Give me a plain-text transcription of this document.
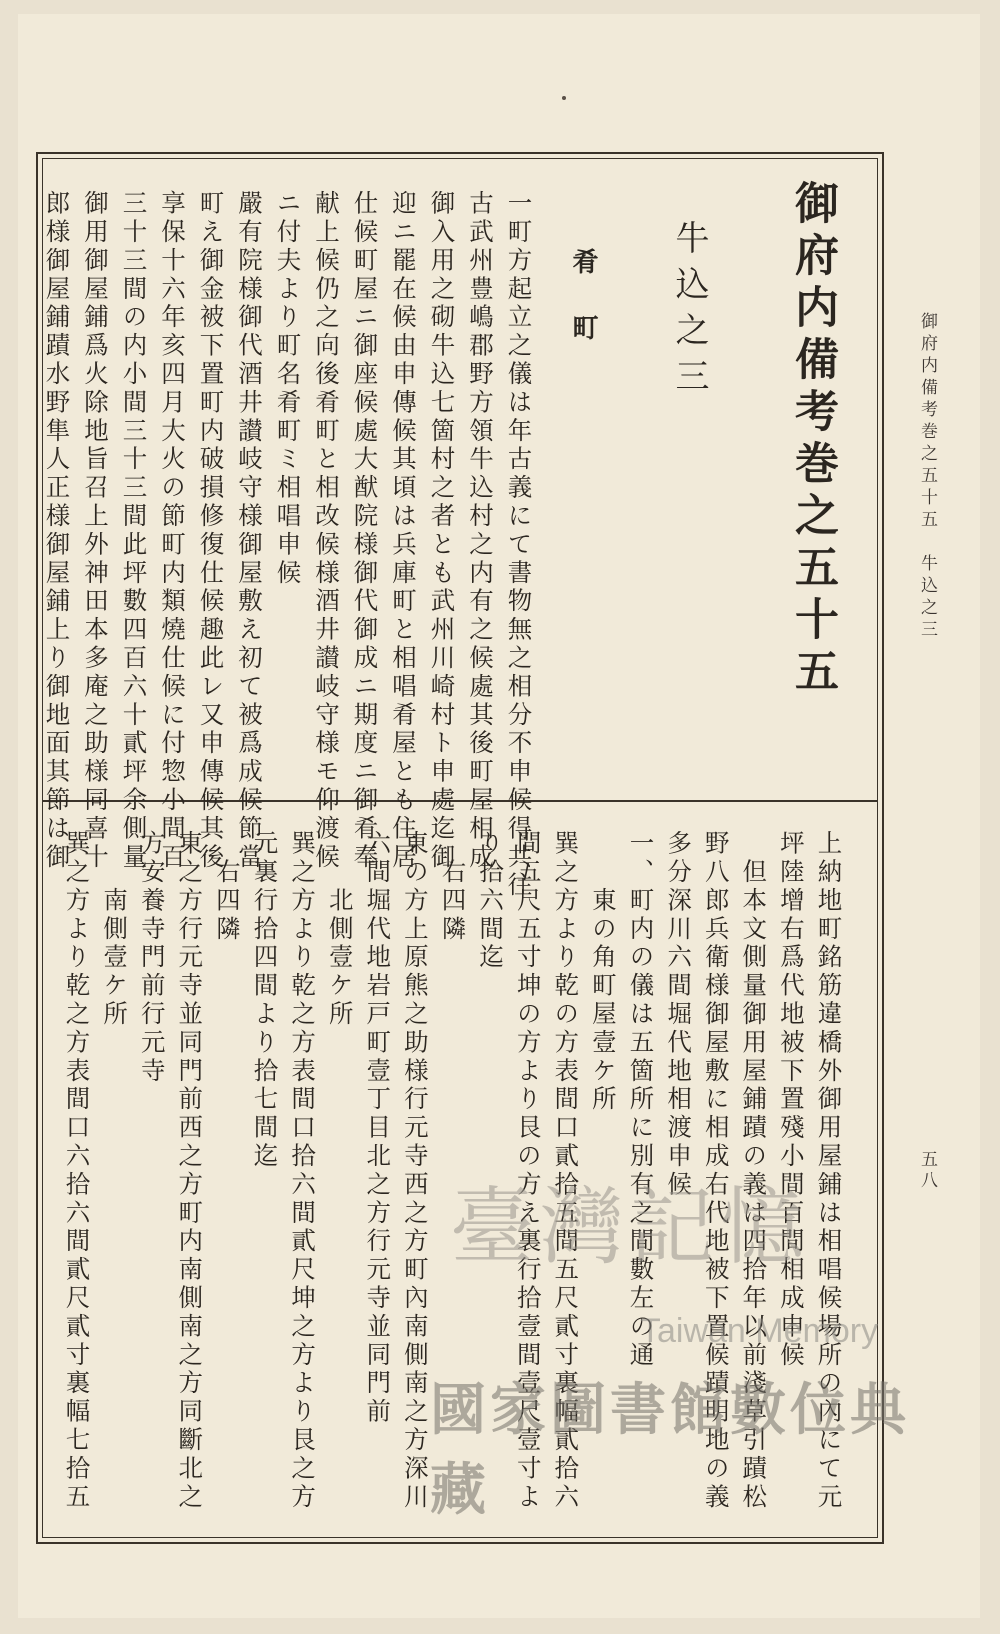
御府内備考巻之五十五　牛込之三
五八
御府内備考巻之五十五
牛込之三
肴町
一町方起立之儀は年古義にて書物無之相分不申候得共往
古武州豊嶋郡野方領牛込村之内有之候處其後町屋相成
御入用之砌牛込七箇村之者とも武州川崎村ト申處迄御
迎ニ罷在候由申傳候其頃は兵庫町と相唱肴屋とも住居
仕候町屋ニ御座候處大猷院様御代御成ニ期度ニ御肴奉
献上候仍之向後肴町と相改候様酒井讃岐守様モ仰渡候
ニ付夫より町名肴町ミ相唱申候
嚴有院様御代酒井讃岐守様御屋敷え初て被爲成候節當
町え御金被下置町内破損修復仕候趣此レ又申傳候其後
享保十六年亥四月大火の節町内類燒仕候に付惣小間百
三十三間の内小間三十三間此坪數四百六十貳坪余側量
御用御屋鋪爲火除地旨召上外神田本多庵之助様同喜十
郎様御屋鋪蹟水野隼人正様御屋鋪上り御地面其節は御
上納地町銘筋違橋外御用屋鋪は相唱候場所の內にて元
坪陸增右爲代地被下置殘小間百間相成申候
　但本文側量御用屋鋪蹟の義は四拾年以前淺草引蹟松
野八郎兵衛様御屋敷に相成右代地被下置候蹟明地の義
多分深川六間堀代地相渡申候
一、町内の儀は五箇所に別有之間數左の通
　　東の角町屋壹ケ所
巽之方より乾の方表間口貳拾五間五尺貳寸裏幅貳拾六
間五尺五寸坤の方より艮の方え裏行拾壹間壹尺壹寸よ
り拾六間迄
　右四隣
東の方上原熊之助様行元寺西之方町內南側南之方深川
六間堀代地岩戸町壹丁目北之方行元寺並同門前
　　北側壹ケ所
巽之方より乾之方表間口拾六間貳尺坤之方より艮之方
元裏行拾四間より拾七間迄
　右四隣
東之方行元寺並同門前西之方町内南側南之方同斷北之
方安養寺門前行元寺
　　南側壹ケ所
巽之方より乾之方表間口六拾六間貳尺貳寸裏幅七拾五	臺灣記憶
Taiwan Memory
國家圖書館數位典藏
